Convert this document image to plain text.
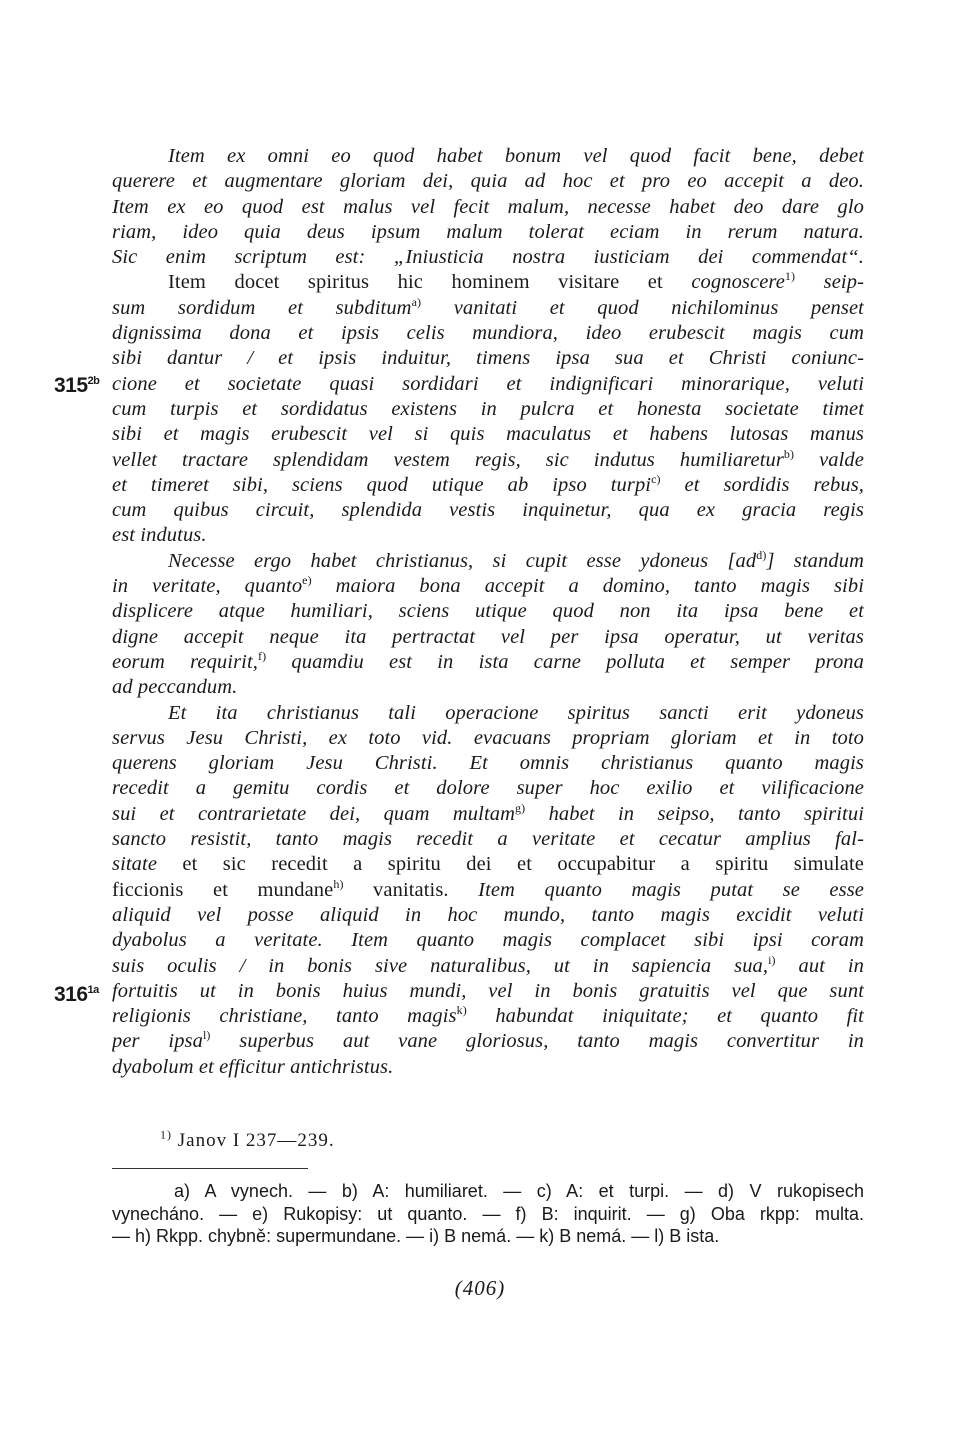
Item ex omni eo quod habet bonum vel quod facit bene, debet

querere et augmentare gloriam dei, quia ad hoc et pro eo accepit a deo.

Item ex eo quod est malus vel fecit malum, necesse habet deo dare glo

riam, ideo quia deus ipsum malum tolerat eciam in rerum natura.

Sic enim scriptum est: „Iniusticia nostra iusticiam dei commendat“.

Item docet spiritus hic hominem visitare et cognoscere$^{1)}$ seip-

sum sordidum et subditum$^{a)}$ vanitati et quod nichilominus penset

dignissima dona et ipsis celis mundiora, ideo erubescit magis cum

sibi dantur / et ipsis induitur, timens ipsa sua et Christi coniunc-

cione et societate quasi sordidari et indignificari minorarique, veluti

cum turpis et sordidatus existens in pulcra et honesta societate timet

sibi et magis erubescit vel si quis maculatus et habens lutosas manus

vellet tractare splendidam vestem regis, sic indutus humiliaretur$^{b)}$ valde

et timeret sibi, sciens quod utique ab ipso turpi$^{c)}$ et sordidis rebus,

cum quibus circuit, splendida vestis inquinetur, qua ex gracia regis

est indutus.

Necesse ergo habet christianus, si cupit esse ydoneus $[ad^{d)}]$ standum

in veritate, quanto$^{e)}$ maiora bona accepit a domino, tanto magis sibi

displicere atque humiliari, sciens utique quod non ita ipsa bene et

digne accepit neque ita pertractat vel per ipsa operatur, ut veritas

eorum requirit,$^{f)}$ quamdiu est in ista carne polluta et semper prona

ad peccandum.

Et ita christianus tali operacione spiritus sancti erit ydoneus

servus Jesu Christi, ex toto vid. evacuans propriam gloriam et in toto

querens gloriam Jesu Christi. Et omnis christianus quanto magis

recedit a gemitu cordis et dolore super hoc exilio et vilificacione

sui et contrarietate dei, quam multam$^{g)}$ habet in seipso, tanto spiritui

sancto resistit, tanto magis recedit a veritate et cecatur amplius fal-

sitate et sic recedit a spiritu dei et occupabitur a spiritu simulate

ficcionis et mundane$^{h)}$ vanitatis. Item quanto magis putat se esse

aliquid vel posse aliquid in hoc mundo, tanto magis excidit veluti

dyabolus a veritate. Item quanto magis complacet sibi ipsi coram

suis oculis / in bonis sive naturalibus, ut in sapiencia sua,$^{i)}$ aut in

fortuitis ut in bonis huius mundi, vel in bonis gratuitis vel que sunt

religionis christiane, tanto magis$^{k)}$ habundat iniquitate; et quanto fit

per ipsa$^{l)}$ superbus aut vane gloriosus, tanto magis convertitur in

dyabolum et efficitur antichristus.

$315^{2b}$
$316^{1a}$
$^{1)}$ Janov I 237—239.

a) A vynech. — b) A: humiliaret. — c) A: et turpi. — d) V rukopisech

vynecháno. — e) Rukopisy: ut quanto. — f) B: inquirit. — g) Oba rkpp: multa.

— h) Rkpp. chybně: supermundane. — i) B nemá. — k) B nemá. — l) B ista.

(406)
